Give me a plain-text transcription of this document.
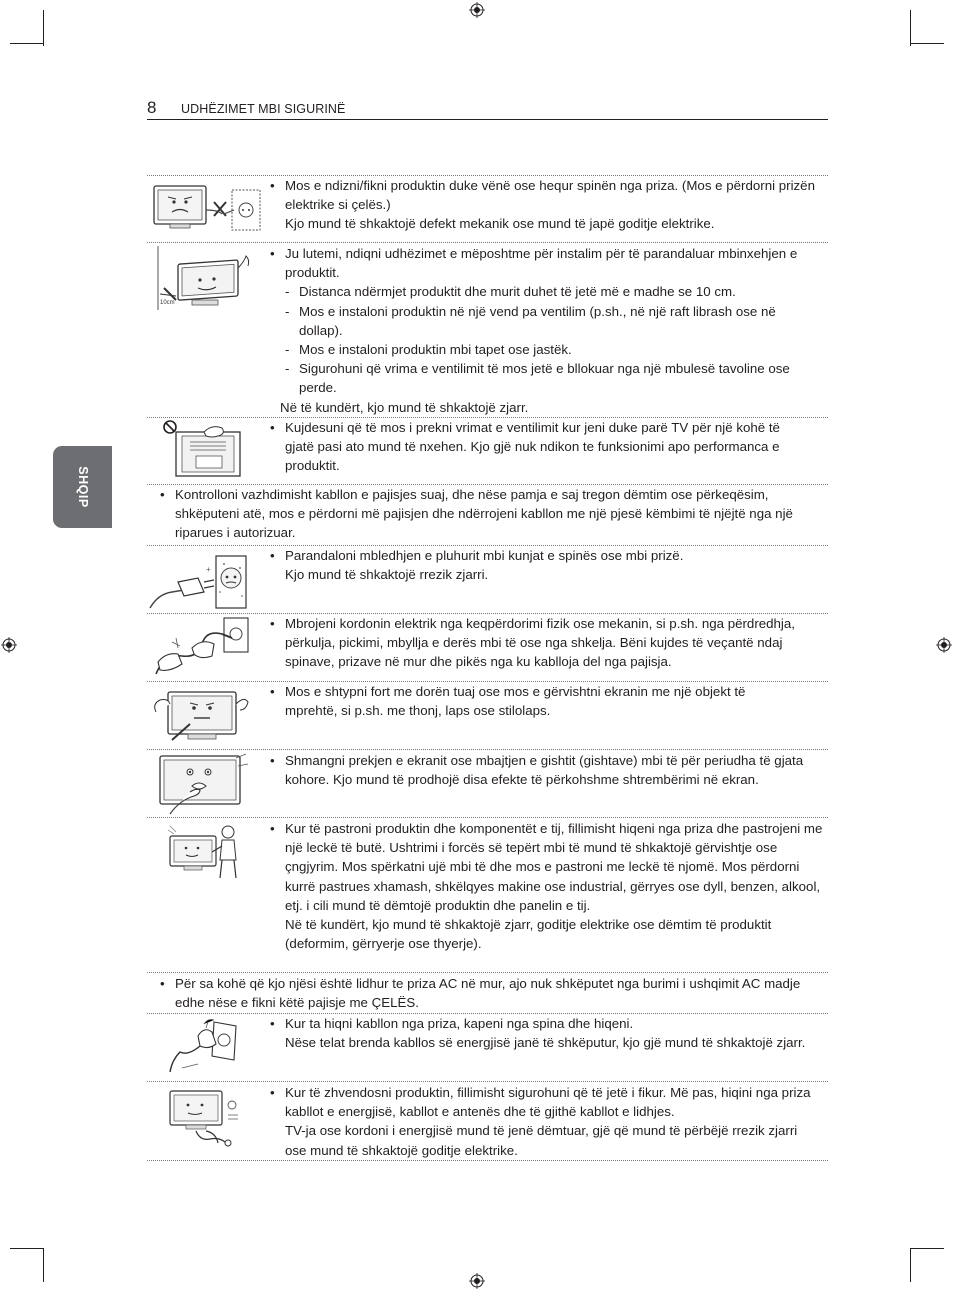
8 UDHËZIMET MBI SIGURINË
SHQIP
10cm
+

• Mos e ndizni/fikni produktin duke vënë ose hequr spinën nga priza. (Mos e përdorni prizën elektrike si çelës.)

Kjo mund të shkaktojë defekt mekanik ose mund të japë goditje elektrike.

• Ju lutemi, ndiqni udhëzimet e mëposhtme për instalim për të parandaluar mbinxehjen e produktit.

- Distanca ndërmjet produktit dhe murit duhet të jetë më e madhe se 10 cm.

- Mos e instaloni produktin në një vend pa ventilim (p.sh., në një raft librash ose në dollap).

- Mos e instaloni produktin mbi tapet ose jastëk.

- Sigurohuni që vrima e ventilimit të mos jetë e bllokuar nga një mbulesë tavoline ose perde.

Në të kundërt, kjo mund të shkaktojë zjarr.

• Kujdesuni që të mos i prekni vrimat e ventilimit kur jeni duke parë TV për një kohë të gjatë pasi ato mund të nxehen. Kjo gjë nuk ndikon te funksionimi apo performanca e produktit.

• Kontrolloni vazhdimisht kabllon e pajisjes suaj, dhe nëse pamja e saj tregon dëmtim ose përkeqësim, shkëputeni atë, mos e përdorni më pajisjen dhe ndërrojeni kabllon me një pjesë këmbimi të njëjtë nga një riparues i autorizuar.

• Parandaloni mbledhjen e pluhurit mbi kunjat e spinës ose mbi prizë.

Kjo mund të shkaktojë rrezik zjarri.

• Mbrojeni kordonin elektrik nga keqpërdorimi fizik ose mekanin, si p.sh. nga përdredhja, përkulja, pickimi, mbyllja e derës mbi të ose nga shkelja. Bëni kujdes të veçantë ndaj spinave, prizave në mur dhe pikës nga ku kablloja del nga pajisja.

• Mos e shtypni fort me dorën tuaj ose mos e gërvishtni ekranin me një objekt të mprehtë, si p.sh. me thonj, laps ose stilolaps.

• Shmangni prekjen e ekranit ose mbajtjen e gishtit (gishtave) mbi të për periudha të gjata kohore. Kjo mund të prodhojë disa efekte të përkohshme shtrembërimi në ekran.

• Kur të pastroni produktin dhe komponentët e tij, fillimisht hiqeni nga priza dhe pastrojeni me një leckë të butë. Ushtrimi i forcës së tepërt mbi të mund të shkaktojë gërvishtje ose çngjyrim. Mos spërkatni ujë mbi të dhe mos e pastroni me leckë të njomë. Mos përdorni kurrë pastrues xhamash, shkëlqyes makine ose industrial, gërryes ose dyll, benzen, alkool, etj. i cili mund të dëmtojë produktin dhe panelin e tij.

Në të kundërt, kjo mund të shkaktojë zjarr, goditje elektrike ose dëmtim të produktit (deformim, gërryerje ose thyerje).

• Për sa kohë që kjo njësi është lidhur te priza AC në mur, ajo nuk shkëputet nga burimi i ushqimit AC madje edhe nëse e fikni këtë pajisje me ÇELËS.

• Kur ta hiqni kabllon nga priza, kapeni nga spina dhe hiqeni.

Nëse telat brenda kabllos së energjisë janë të shkëputur, kjo gjë mund të shkaktojë zjarr.

• Kur të zhvendosni produktin, fillimisht sigurohuni që të jetë i fikur. Më pas, hiqini nga priza kabllot e energjisë, kabllot e antenës dhe të gjithë kabllot e lidhjes.

TV-ja ose kordoni i energjisë mund të jenë dëmtuar, gjë që mund të përbëjë rrezik zjarri ose mund të shkaktojë goditje elektrike.
